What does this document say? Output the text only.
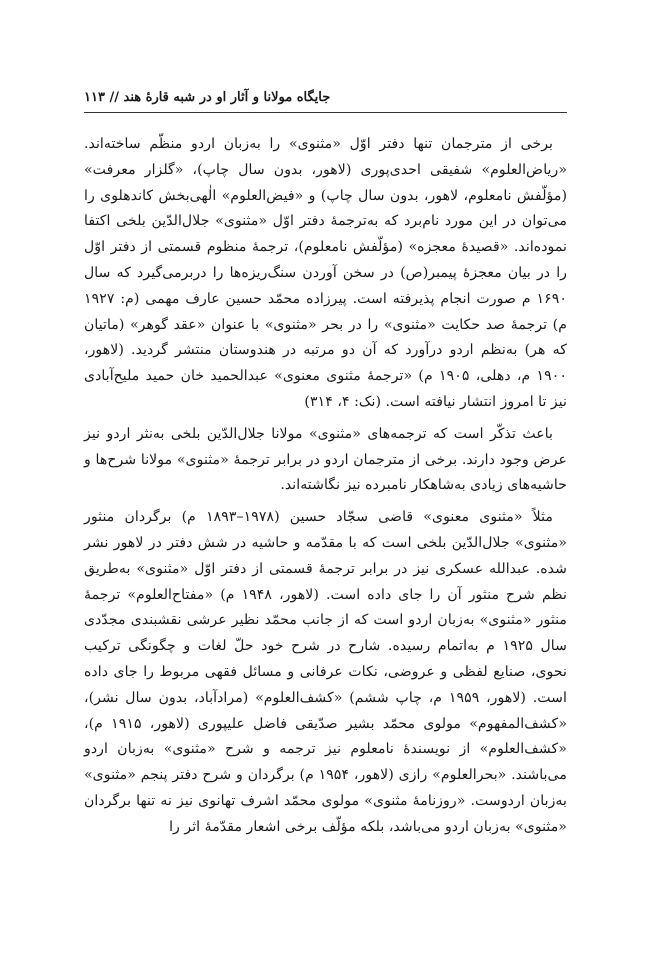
جایگاه مولانا و آثار او در شبه قارۀ هند // ۱۱۳

برخی از مترجمان تنها دفتر اوّل «مثنوی» را به‌زبان اردو منظّم ساخته‌اند. «ریاض‌العلوم» شفیقی احدی‌پوری (لاهور، بدون سال چاپ)، «گلزار معرفت» (مؤلّفش نامعلوم، لاهور، بدون سال چاپ) و «فیض‌العلوم» الٰهی‌بخش کاندهلوی را می‌توان در این مورد نام‌برد که به‌ترجمۀ دفتر اوّل «مثنوی» جلال‌الدّین بلخی اکتفا نموده‌اند. «قصیدۀ معجزه» (مؤلّفش نامعلوم)، ترجمۀ منظوم قسمتی از دفتر اوّل را در بیان معجزۀ پیمبر(ص) در سخن آوردن سنگ‌ریزه‌ها را دربرمی‌گیرد که سال ۱۶۹۰ م صورت انجام پذیرفته است. پیرزاده محمّد حسین عارف مهمی (م: ۱۹۲۷ م) ترجمۀ صد حکایت «مثنوی» را در بحر «مثنوی» با عنوان «عقد گوهر» (ماتیان که هر) به‌نظم اردو درآورد که آن دو مرتبه در هندوستان منتشر گردید. (لاهور، ۱۹۰۰ م، دهلی، ۱۹۰۵ م) «ترجمۀ مثنوی معنوی» عبدالحمید خان حمید ملیح‌آبادی نیز تا امروز انتشار نیافته است. (نک: ۴، ۳۱۴)

باعث تذکّر است که ترجمه‌های «مثنوی» مولانا جلال‌الدّین بلخی به‌نثر اردو نیز عرض وجود دارند. برخی از مترجمان اردو در برابر ترجمۀ «مثنوی» مولانا شرح‌ها و حاشیه‌های زیادی به‌شاهکار نامبرده نیز نگاشته‌اند.

مثلاً «مثنوی معنوی» قاضی سجّاد حسین (۱۹۷۸–۱۸۹۳ م) برگردان منثور «مثنوی» جلال‌الدّین بلخی است که با مقدّمه و حاشیه در شش دفتر در لاهور نشر شده. عبدالله عسکری نیز در برابر ترجمۀ قسمتی از دفتر اوّل «مثنوی» به‌طریق نظم شرح منثور آن را جای داده است. (لاهور، ۱۹۴۸ م) «مفتاح‌العلوم» ترجمۀ منثور «مثنوی» به‌زبان اردو است که از جانب محمّد نظیر عرشی نقشبندی مجدّدی سال ۱۹۲۵ م به‌اتمام رسیده. شارح در شرح خود حلّ لغات و چگونگی ترکیب نحوی، صنایع لفظی و عروضی، نکات عرفانی و مسائل فقهی مربوط را جای داده است. (لاهور، ۱۹۵۹ م، چاپ ششم) «کشف‌العلوم» (مرادآباد، بدون سال نشر)، «کشف‌المفهوم» مولوی محمّد بشیر صدّیقی فاضل علیپوری (لاهور، ۱۹۱۵ م)، «کشف‌العلوم» از نویسندۀ نامعلوم نیز ترجمه و شرح «مثنوی» به‌زبان اردو می‌باشند. «بحرالعلوم» رازی (لاهور، ۱۹۵۴ م) برگردان و شرح دفتر پنجم «مثنوی» به‌زبان اردوست. «روزنامۀ مثنوی» مولوی محمّد اشرف تهانوی نیز نه تنها برگردان «مثنوی» به‌زبان اردو می‌باشد، بلکه مؤلّف برخی اشعار مقدّمۀ اثر را
